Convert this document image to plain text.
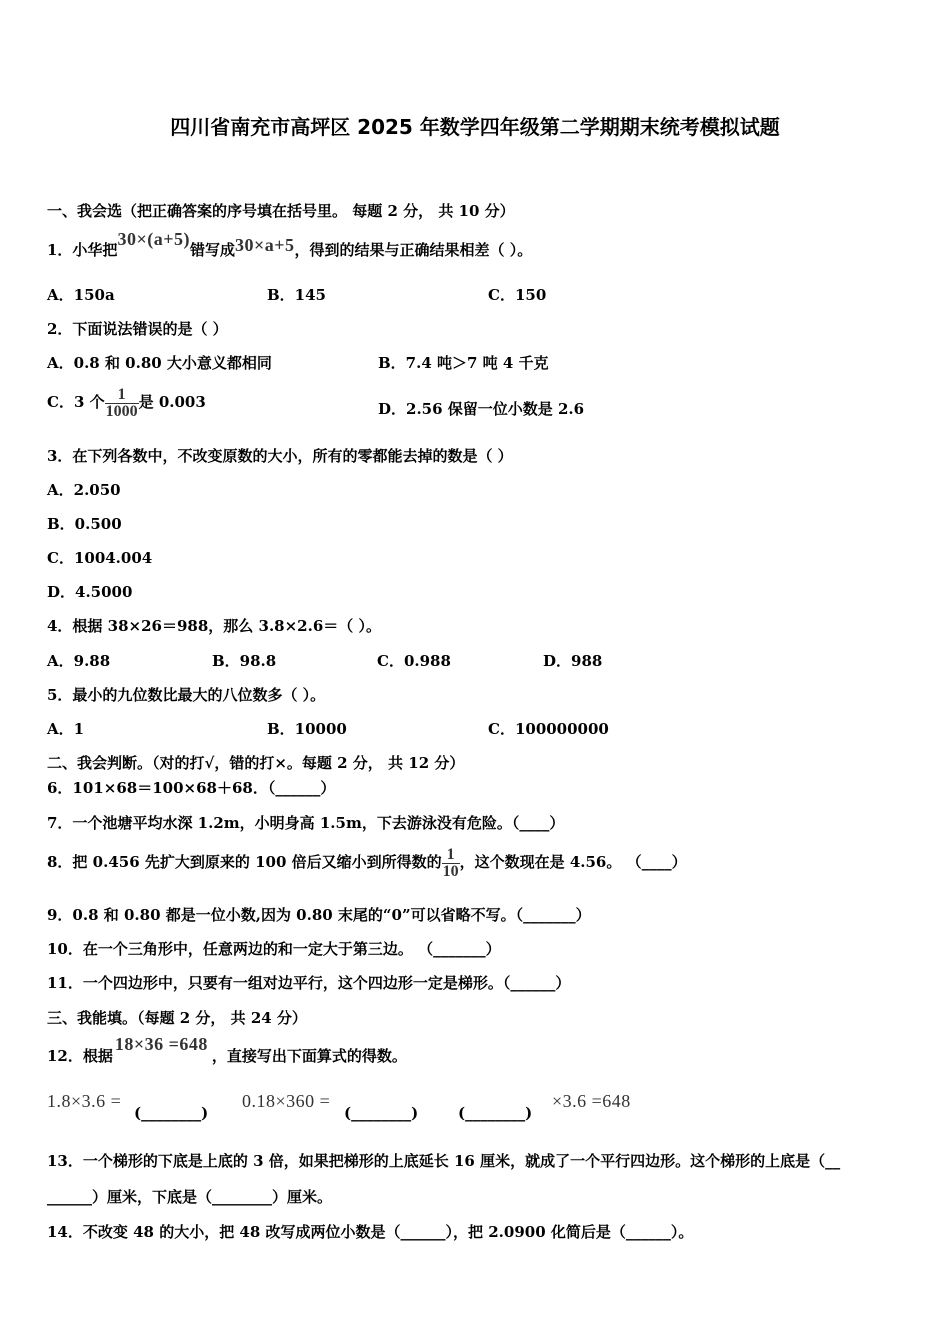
四川省南充市高坪区 2025 年数学四年级第二学期期末统考模拟试题
一、我会选（把正确答案的序号填在括号里。 每题 2 分， 共 10 分）
1．小华把30×(a+5)错写成30×a+5，得到的结果与正确结果相差（ ）。
A．150a	B．145	C．150
2．下面说法错误的是（ ）
A．0.8 和 0.80 大小意义都相同	B．7.4 吨＞7 吨 4 千克
C．3 个 $\frac{1}{1000}$ 是 0.003	D．2.56 保留一位小数是 2.6
3．在下列各数中，不改变原数的大小，所有的零都能去掉的数是（ ）
A．2.050
B．0.500
C．1004.004
D．4.5000
4．根据 38×26＝988，那么 3.8×2.6＝（ ）。
A．9.88	B．98.8	C．0.988	D．988
5．最小的九位数比最大的八位数多（ ）。
A．1	B．10000	C．100000000
二、我会判断。（对的打√，错的打×。每题 2 分， 共 12 分）
6．101×68＝100×68＋68．（______）
7．一个池塘平均水深 1.2m，小明身高 1.5m，下去游泳没有危险。（____）
8．把 0.456 先扩大到原来的 100 倍后又缩小到所得数的 $\frac{1}{10}$ ，这个数现在是 4.56。 （____）
9．0.8 和 0.80 都是一位小数,因为 0.80 末尾的“0”可以省略不写。（_______）
10．在一个三角形中，任意两边的和一定大于第三边。 （_______）
11．一个四边形中，只要有一组对边平行，这个四边形一定是梯形。（______）
三、我能填。（每题 2 分， 共 24 分）
12．根据18×36 =648，直接写出下面算式的得数。
1.8×3.6 =
(________)
0.18×360 =
(________)	(________)
×3.6 =648
13．一个梯形的下底是上底的 3 倍，如果把梯形的上底延长 16 厘米，就成了一个平行四边形。这个梯形的上底是（__
______）厘米，下底是（________）厘米。
14．不改变 48 的大小，把 48 改写成两位小数是（______），把 2.0900 化简后是（______）。
